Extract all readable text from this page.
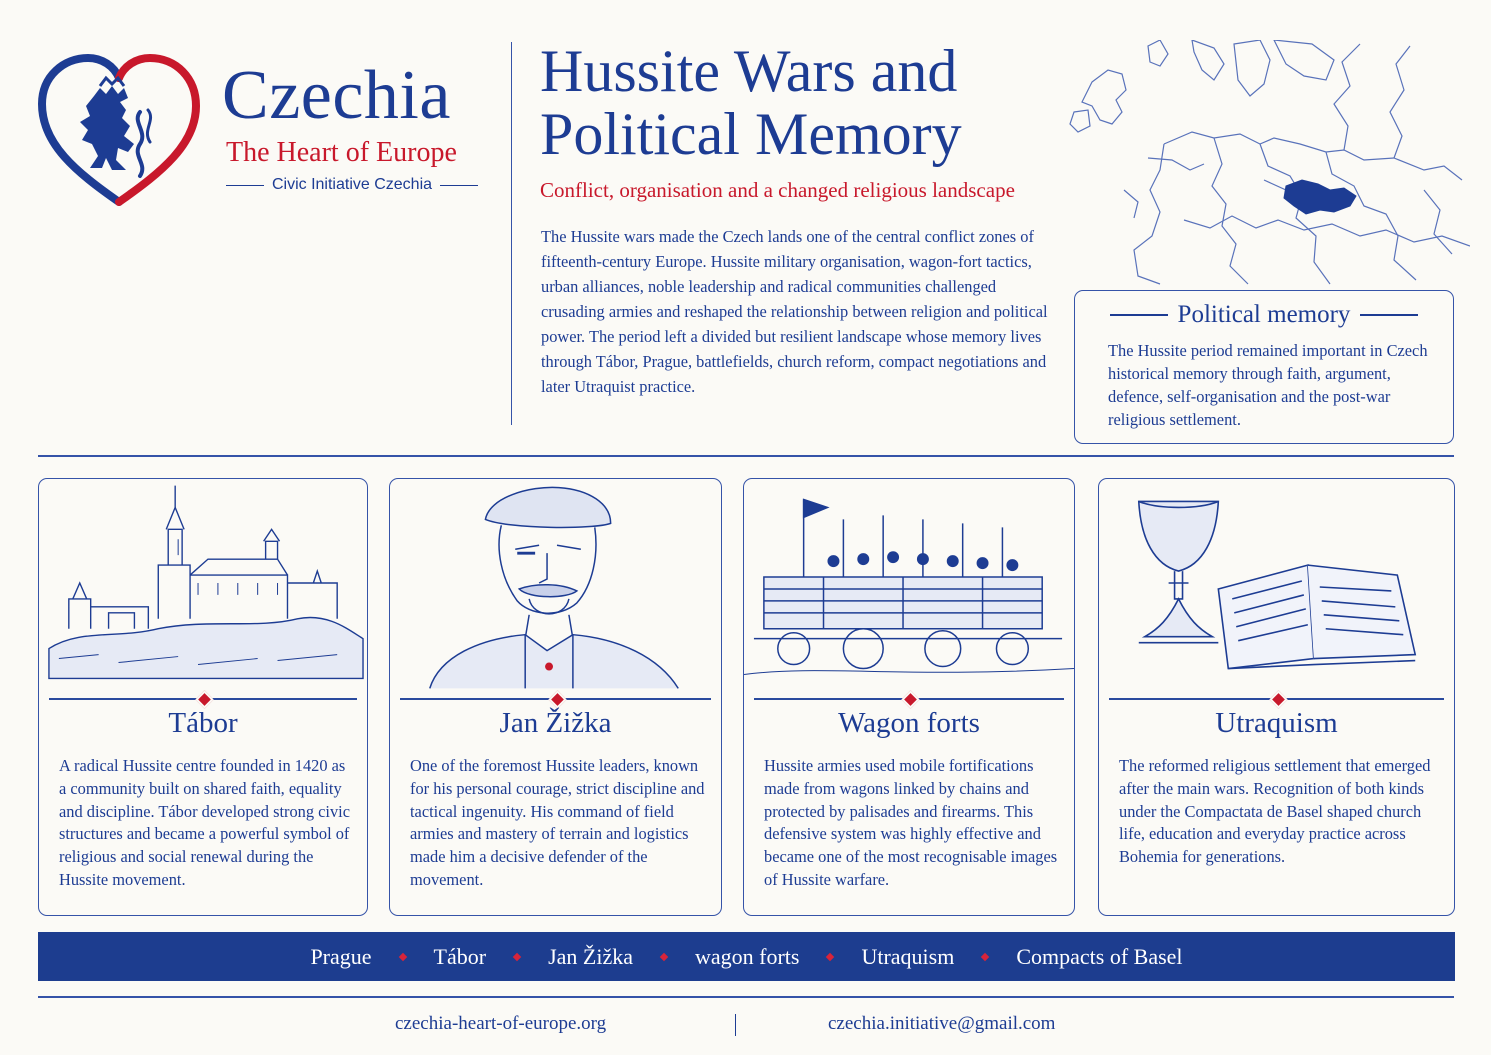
Czechia
The Heart of Europe
Civic Initiative Czechia
Hussite Wars and Political Memory
Conflict, organisation and a changed religious landscape
The Hussite wars made the Czech lands one of the central conflict zones of fifteenth-century Europe. Hussite military organisation, wagon-fort tactics, urban alliances, noble leadership and radical communities challenged crusading armies and reshaped the relationship between religion and political power. The period left a divided but resilient landscape whose memory lives through Tábor, Prague, battlefields, church reform, compact negotiations and later Utraquist practice.
Political memory
The Hussite period remained important in Czech historical memory through faith, argument, defence, self-organisation and the post-war religious settlement.
Tábor

A radical Hussite centre founded in 1420 as a community built on shared faith, equality and discipline. Tábor developed strong civic structures and became a powerful symbol of religious and social renewal during the Hussite movement.

Jan Žižka

One of the foremost Hussite leaders, known for his personal courage, strict discipline and tactical ingenuity. His command of field armies and mastery of terrain and logistics made him a decisive defender of the movement.

Wagon forts

Hussite armies used mobile fortifications made from wagons linked by chains and protected by palisades and firearms. This defensive system was highly effective and became one of the most recognisable images of Hussite warfare.

Utraquism

The reformed religious settlement that emerged after the main wars. Recognition of both kinds under the Compactata de Basel shaped church life, education and everyday practice across Bohemia for generations.

Prague	Tábor	Jan Žižka	wagon forts	Utraquism	Compacts of Basel
czechia-heart-of-europe.org	czechia.initiative@gmail.com
